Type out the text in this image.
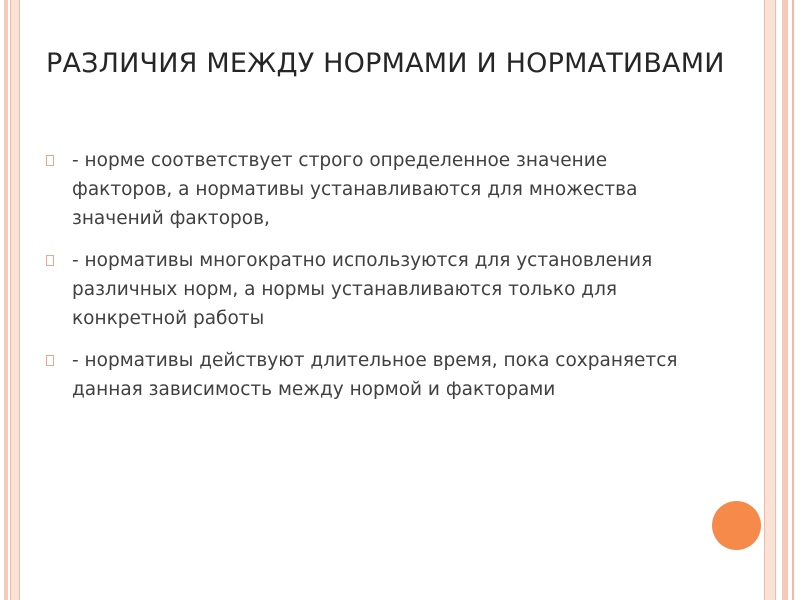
РАЗЛИЧИЯ МЕЖДУ НОРМАМИ И НОРМАТИВАМИ
- норме соответствует строго определенное значение факторов, а нормативы устанавливаются для множества значений факторов,
- нормативы многократно используются для установления различных норм, а нормы устанавливаются только для конкретной работы
- нормативы действуют длительное время, пока сохраняется данная зависимость между нормой и факторами
